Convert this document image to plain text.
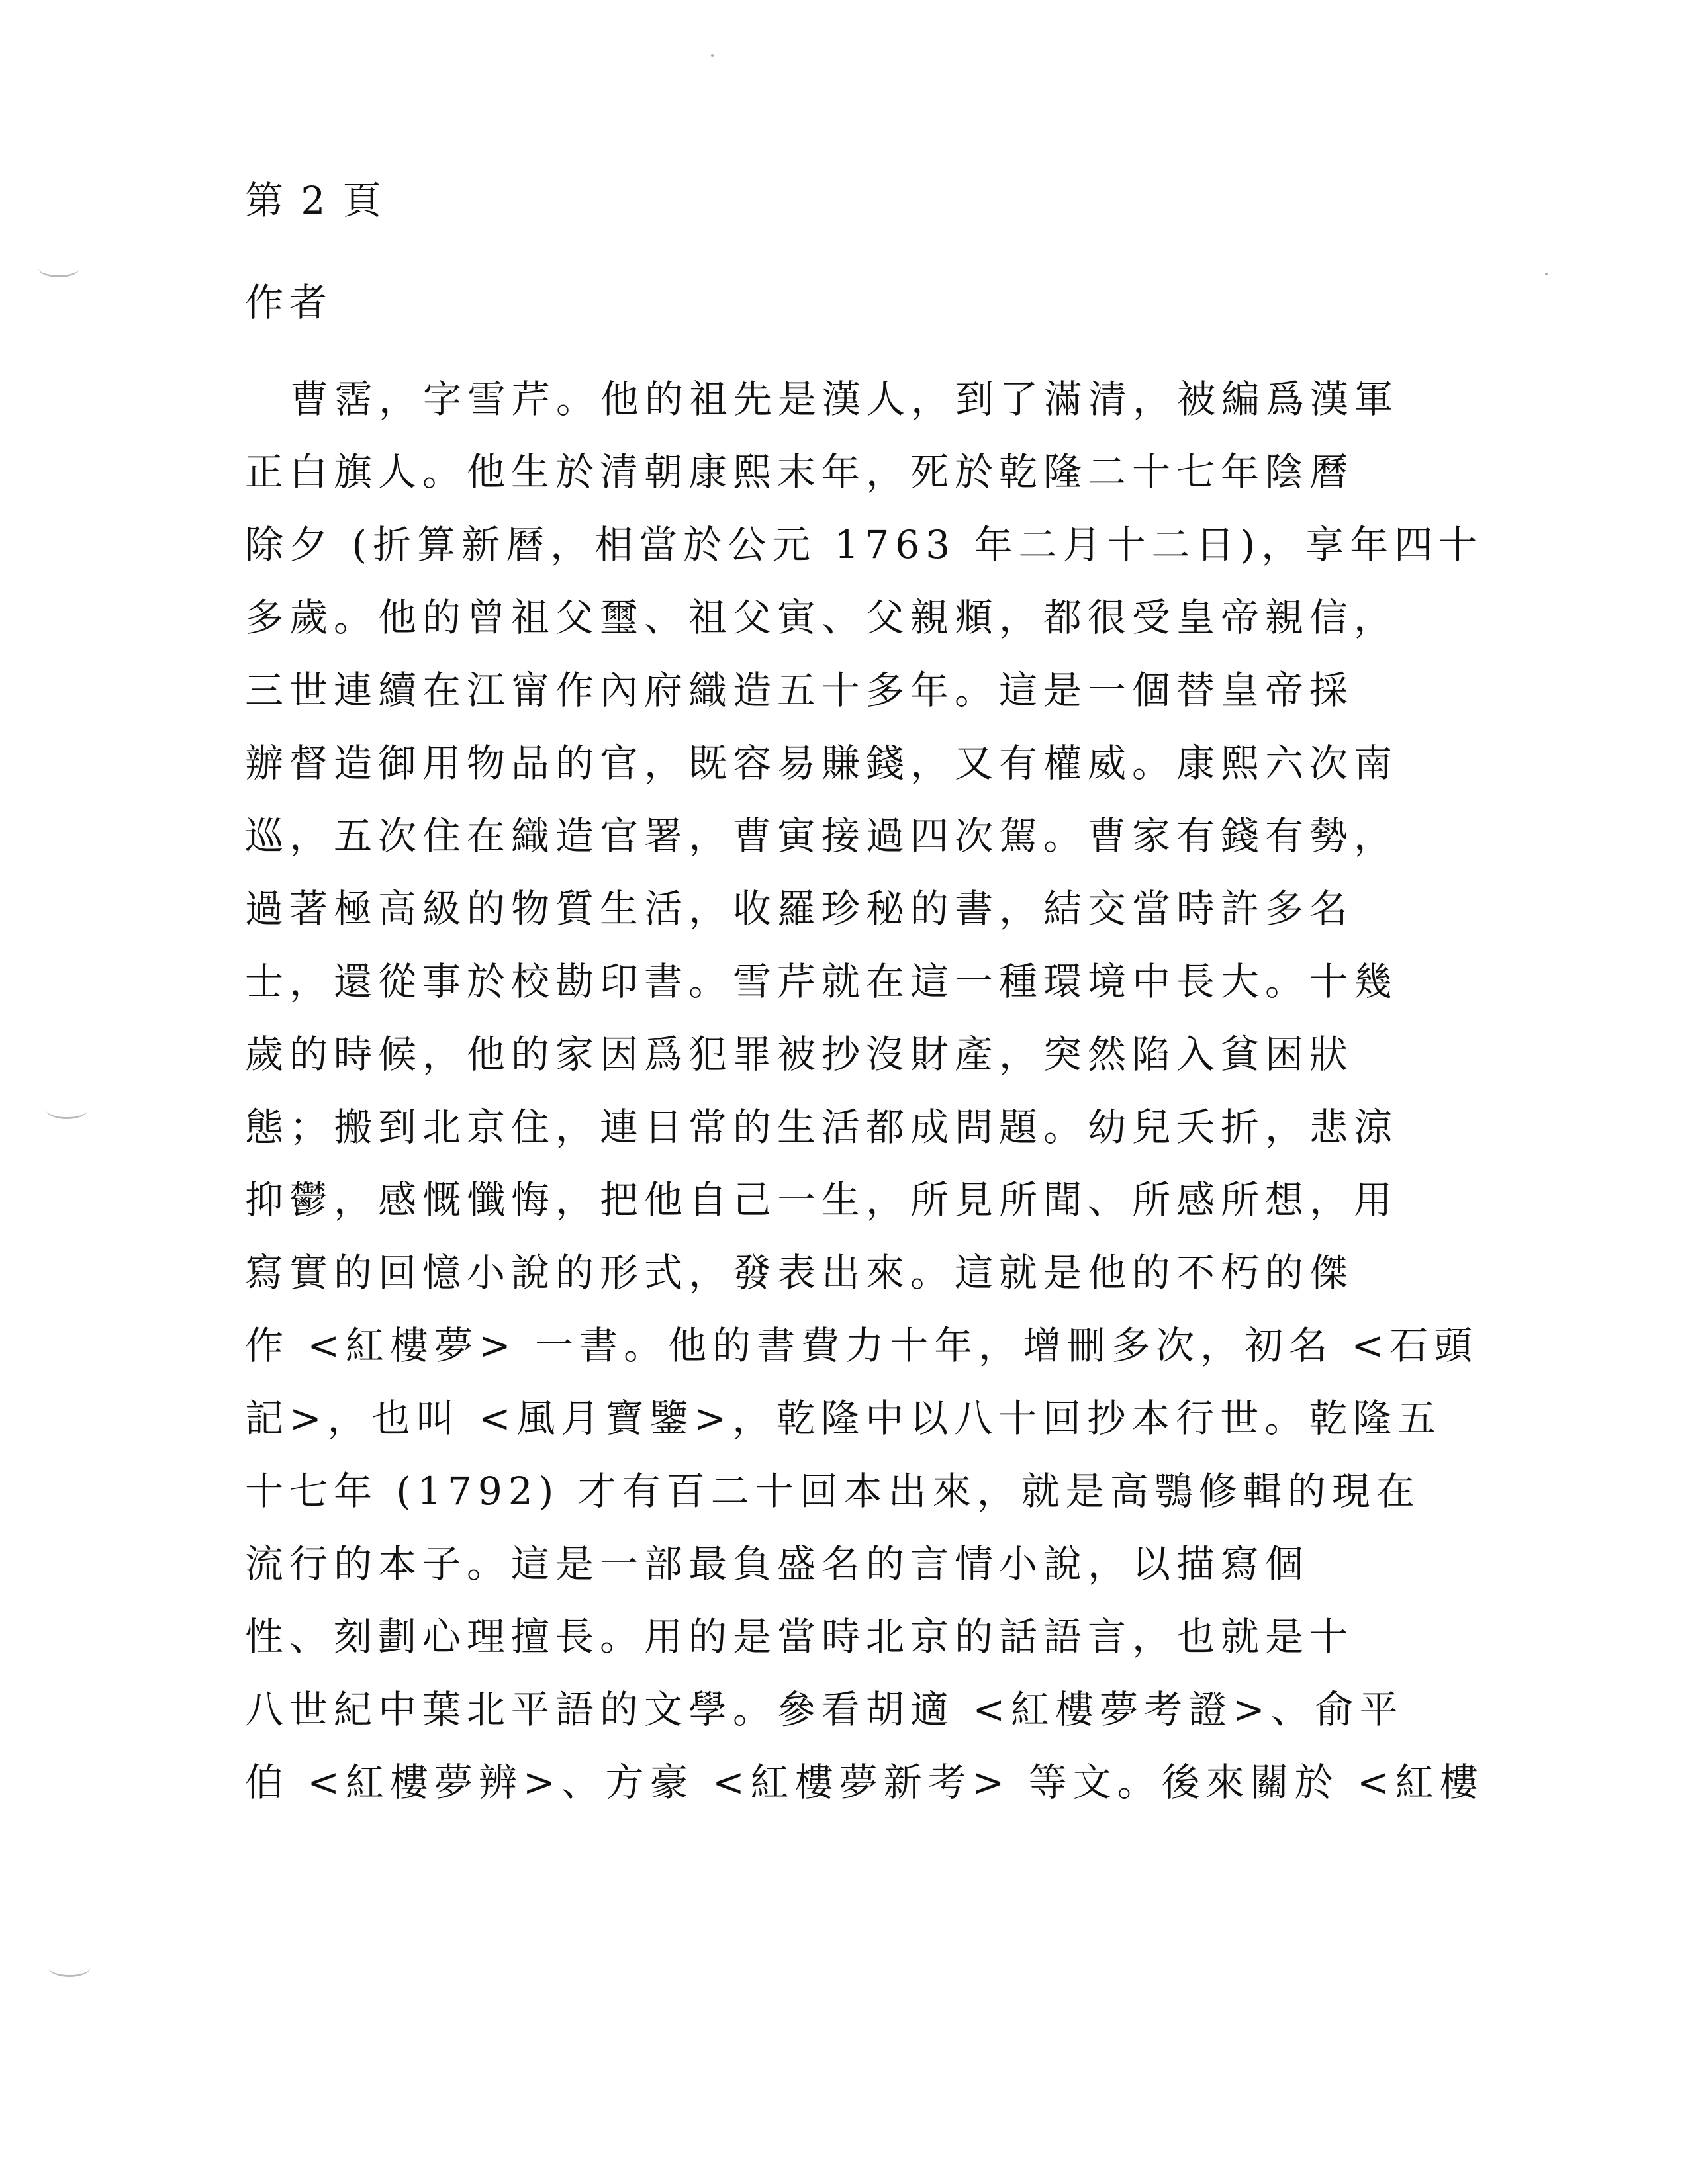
第 2 頁
作者
曹霑，字雪芹。他的祖先是漢人，到了滿清，被編爲漢軍
正白旗人。他生於清朝康熙末年，死於乾隆二十七年陰曆
除夕 (折算新曆，相當於公元 1763 年二月十二日)，享年四十
多歲。他的曾祖父璽、祖父寅、父親頫，都很受皇帝親信，
三世連續在江甯作內府織造五十多年。這是一個替皇帝採
辦督造御用物品的官，既容易賺錢，又有權威。康熙六次南
巡，五次住在織造官署，曹寅接過四次駕。曹家有錢有勢，
過著極高級的物質生活，收羅珍秘的書，結交當時許多名
士，還從事於校勘印書。雪芹就在這一種環境中長大。十幾
歲的時候，他的家因爲犯罪被抄沒財產，突然陷入貧困狀
態；搬到北京住，連日常的生活都成問題。幼兒夭折，悲涼
抑鬱，感慨懺悔，把他自己一生，所見所聞、所感所想，用
寫實的回憶小說的形式，發表出來。這就是他的不朽的傑
作 <紅樓夢> 一書。他的書費力十年，增刪多次，初名 <石頭
記>，也叫 <風月寶鑒>，乾隆中以八十回抄本行世。乾隆五
十七年 (1792) 才有百二十回本出來，就是高鶚修輯的現在
流行的本子。這是一部最負盛名的言情小說，以描寫個
性、刻劃心理擅長。用的是當時北京的話語言，也就是十
八世紀中葉北平語的文學。參看胡適 <紅樓夢考證>、俞平
伯 <紅樓夢辨>、方豪 <紅樓夢新考> 等文。後來關於 <紅樓
